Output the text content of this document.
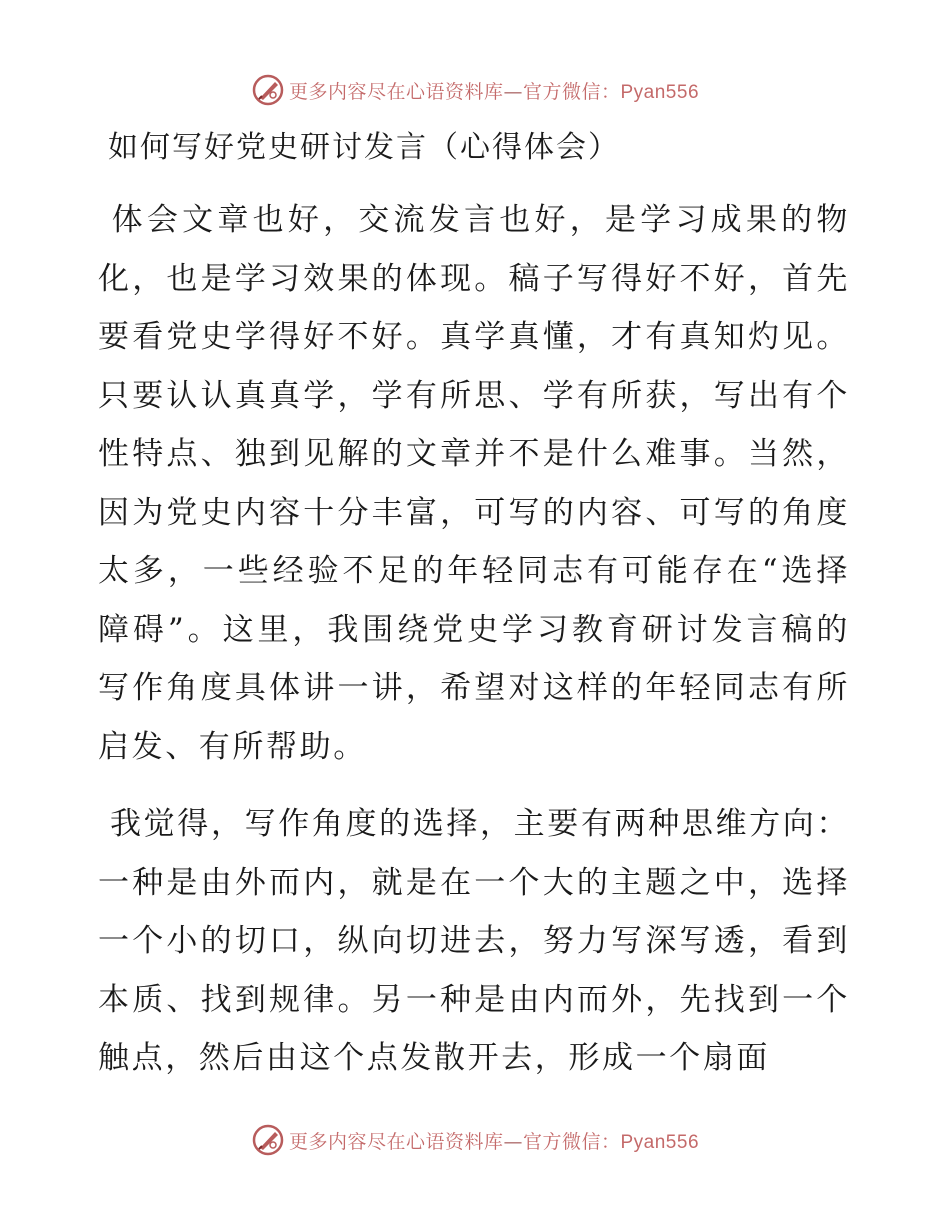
更多内容尽在心语资料库—官方微信：Pyan556
如何写好党史研讨发言（心得体会）

体会文章也好，交流发言也好，是学习成果的物化，也是学习效果的体现。稿子写得好不好，首先要看党史学得好不好。真学真懂，才有真知灼见。只要认认真真学，学有所思、学有所获，写出有个性特点、独到见解的文章并不是什么难事。当然，因为党史内容十分丰富，可写的内容、可写的角度太多，一些经验不足的年轻同志有可能存在“选择障碍”。这里，我围绕党史学习教育研讨发言稿的写作角度具体讲一讲，希望对这样的年轻同志有所启发、有所帮助。

我觉得，写作角度的选择，主要有两种思维方向：一种是由外而内，就是在一个大的主题之中，选择一个小的切口，纵向切进去，努力写深写透，看到本质、找到规律。另一种是由内而外，先找到一个触点，然后由这个点发散开去，形成一个扇面

更多内容尽在心语资料库—官方微信：Pyan556
